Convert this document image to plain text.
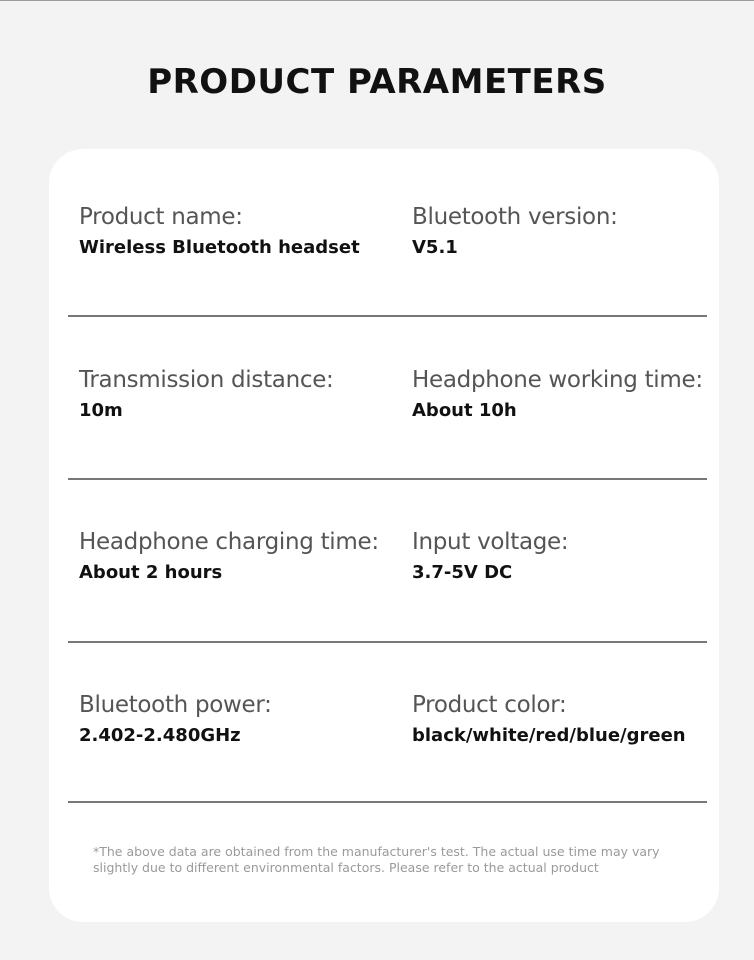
PRODUCT PARAMETERS
Product name:
Wireless Bluetooth headset
Bluetooth version:
V5.1
Transmission distance:
10m
Headphone working time:
About 10h
Headphone charging time:
About 2 hours
Input voltage:
3.7-5V DC
Bluetooth power:
2.402-2.480GHz
Product color:
black/white/red/blue/green
*The above data are obtained from the manufacturer's test. The actual use time may vary slightly due to different environmental factors. Please refer to the actual product
